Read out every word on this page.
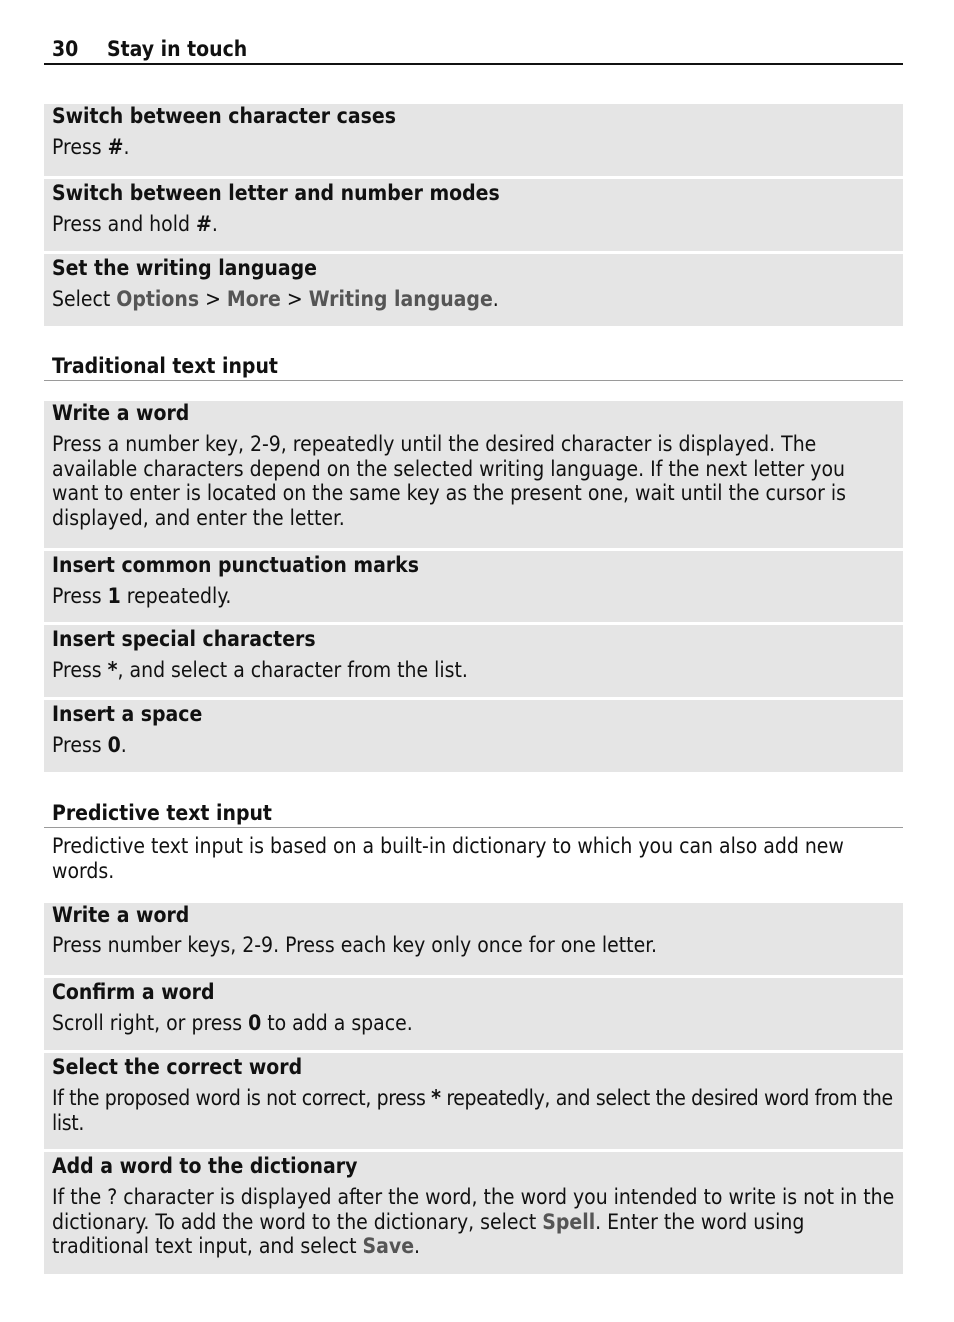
30 Stay in touch
Switch between character cases

Press #.

Switch between letter and number modes

Press and hold #.

Set the writing language

Select Options > More > Writing language.

Traditional text input
Write a word

Press a number key, 2-9, repeatedly until the desired character is displayed. The available characters depend on the selected writing language. If the next letter you want to enter is located on the same key as the present one, wait until the cursor is displayed, and enter the letter.

Insert common punctuation marks

Press 1 repeatedly.

Insert special characters

Press *, and select a character from the list.

Insert a space

Press 0.

Predictive text input

Predictive text input is based on a built-in dictionary to which you can also add new words.

Write a word

Press number keys, 2-9. Press each key only once for one letter.

Confirm a word

Scroll right, or press 0 to add a space.

Select the correct word

If the proposed word is not correct, press * repeatedly, and select the desired word from the list.

Add a word to the dictionary

If the ? character is displayed after the word, the word you intended to write is not in the dictionary. To add the word to the dictionary, select Spell. Enter the word using traditional text input, and select Save.
